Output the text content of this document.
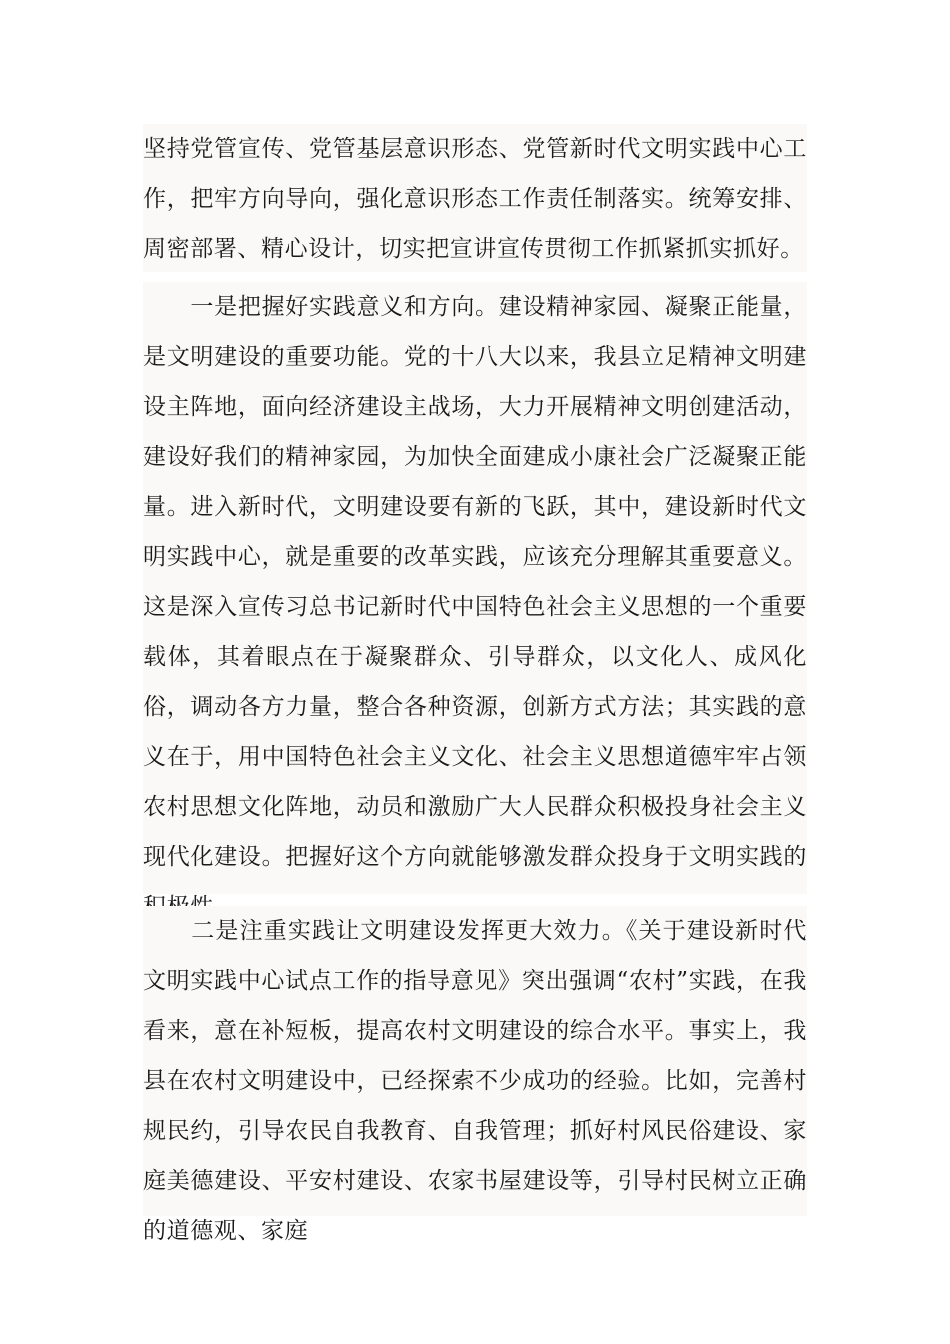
坚持党管宣传、党管基层意识形态、党管新时代文明实践中心工作，把牢方向导向，强化意识形态工作责任制落实。统筹安排、周密部署、精心设计，切实把宣讲宣传贯彻工作抓紧抓实抓好。

　　一是把握好实践意义和方向。建设精神家园、凝聚正能量，是文明建设的重要功能。党的十八大以来，我县立足精神文明建设主阵地，面向经济建设主战场，大力开展精神文明创建活动，建设好我们的精神家园，为加快全面建成小康社会广泛凝聚正能量。进入新时代，文明建设要有新的飞跃，其中，建设新时代文明实践中心，就是重要的改革实践，应该充分理解其重要意义。这是深入宣传习总书记新时代中国特色社会主义思想的一个重要载体，其着眼点在于凝聚群众、引导群众，以文化人、成风化俗，调动各方力量，整合各种资源，创新方式方法；其实践的意义在于，用中国特色社会主义文化、社会主义思想道德牢牢占领农村思想文化阵地，动员和激励广大人民群众积极投身社会主义现代化建设。把握好这个方向就能够激发群众投身于文明实践的

　　二是注重实践让文明建设发挥更大效力。《关于建设新时代文明实践中心试点工作的指导意见》突出强调“农村”实践，在我看来，意在补短板，提高农村文明建设的综合水平。事实上，我县在农村文明建设中，已经探索不少成功的经验。比如，完善村规民约，引导农民自我教育、自我管理；抓好村风民俗建设、家庭美德建设、平安村建设、农家书屋建设等，引导村民树立正确的道德观、家庭
